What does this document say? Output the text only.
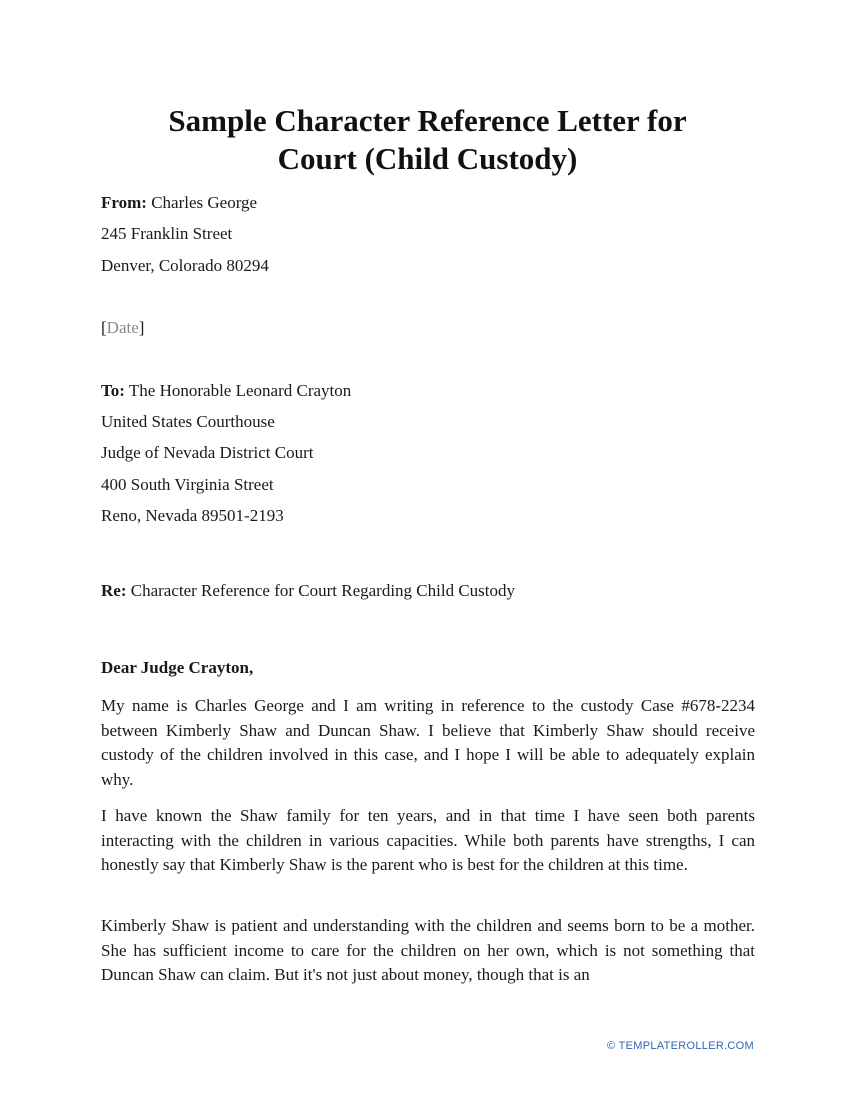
Sample Character Reference Letter for
Court (Child Custody)
From: Charles George
245 Franklin Street
Denver, Colorado 80294
[Date]
To: The Honorable Leonard Crayton
United States Courthouse
Judge of Nevada District Court
400 South Virginia Street
Reno, Nevada 89501-2193
Re: Character Reference for Court Regarding Child Custody
Dear Judge Crayton,

My name is Charles George and I am writing in reference to the custody Case #678-2234 between Kimberly Shaw and Duncan Shaw. I believe that Kimberly Shaw should receive custody of the children involved in this case, and I hope I will be able to adequately explain why.

I have known the Shaw family for ten years, and in that time I have seen both parents interacting with the children in various capacities. While both parents have strengths, I can honestly say that Kimberly Shaw is the parent who is best for the children at this time.

Kimberly Shaw is patient and understanding with the children and seems born to be a mother. She has sufficient income to care for the children on her own, which is not something that Duncan Shaw can claim. But it's not just about money, though that is an

© TEMPLATEROLLER.COM
